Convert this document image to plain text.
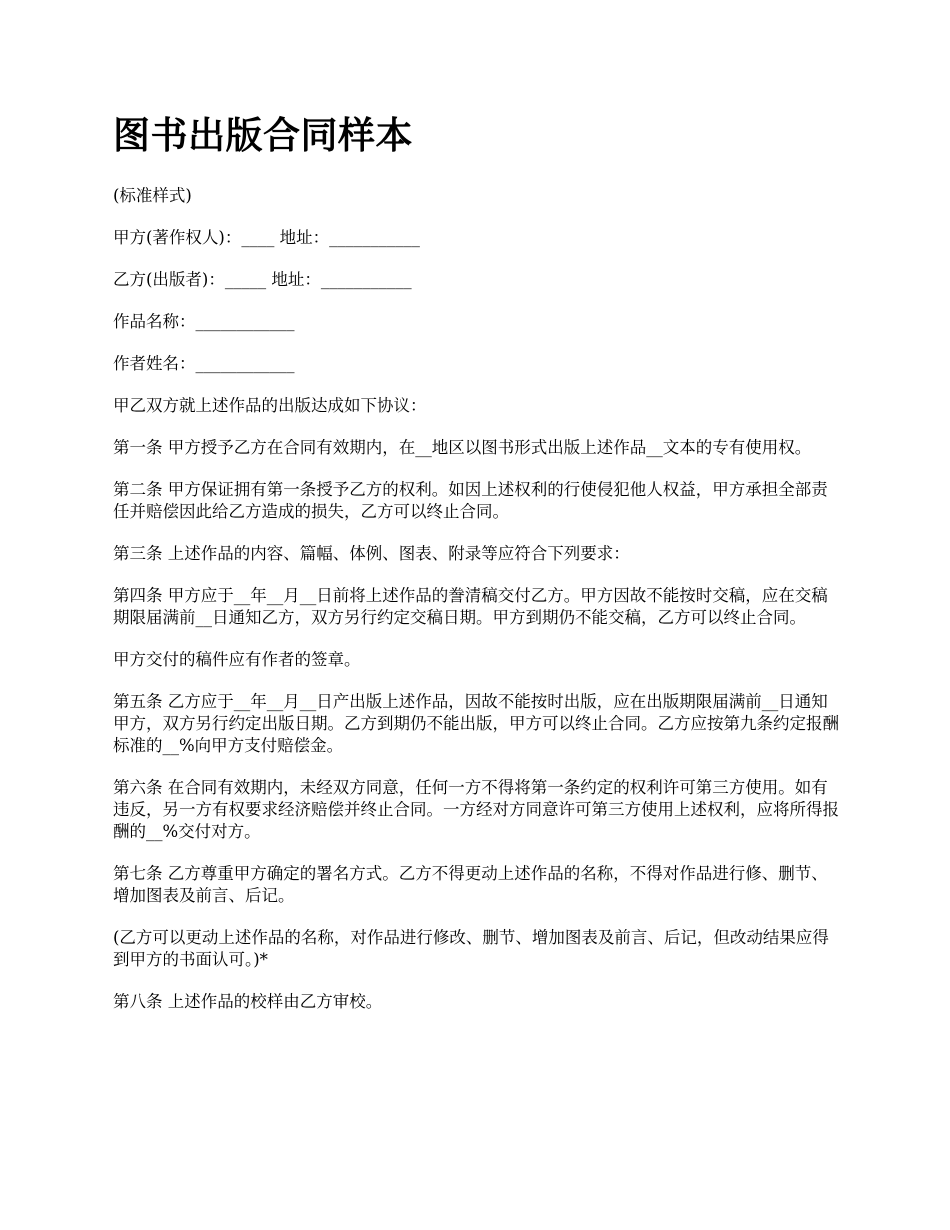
图书出版合同样本

(标准样式)

甲方(著作权人)：____ 地址：___________

乙方(出版者)：_____ 地址：___________

作品名称：____________

作者姓名：____________

甲乙双方就上述作品的出版达成如下协议：

第一条 甲方授予乙方在合同有效期内，在__地区以图书形式出版上述作品__文本的专有使用权。

第二条 甲方保证拥有第一条授予乙方的权利。如因上述权利的行使侵犯他人权益，甲方承担全部责任并赔偿因此给乙方造成的损失，乙方可以终止合同。

第三条 上述作品的内容、篇幅、体例、图表、附录等应符合下列要求：

第四条 甲方应于__年__月__日前将上述作品的誊清稿交付乙方。甲方因故不能按时交稿，应在交稿期限届满前__日通知乙方，双方另行约定交稿日期。甲方到期仍不能交稿，乙方可以终止合同。

甲方交付的稿件应有作者的签章。

第五条 乙方应于__年__月__日产出版上述作品，因故不能按时出版，应在出版期限届满前__日通知甲方，双方另行约定出版日期。乙方到期仍不能出版，甲方可以终止合同。乙方应按第九条约定报酬标准的__%向甲方支付赔偿金。

第六条 在合同有效期内，未经双方同意，任何一方不得将第一条约定的权利许可第三方使用。如有违反，另一方有权要求经济赔偿并终止合同。一方经对方同意许可第三方使用上述权利，应将所得报酬的__%交付对方。

第七条 乙方尊重甲方确定的署名方式。乙方不得更动上述作品的名称，不得对作品进行修、删节、增加图表及前言、后记。

(乙方可以更动上述作品的名称，对作品进行修改、删节、增加图表及前言、后记，但改动结果应得到甲方的书面认可。)*

第八条 上述作品的校样由乙方审校。
